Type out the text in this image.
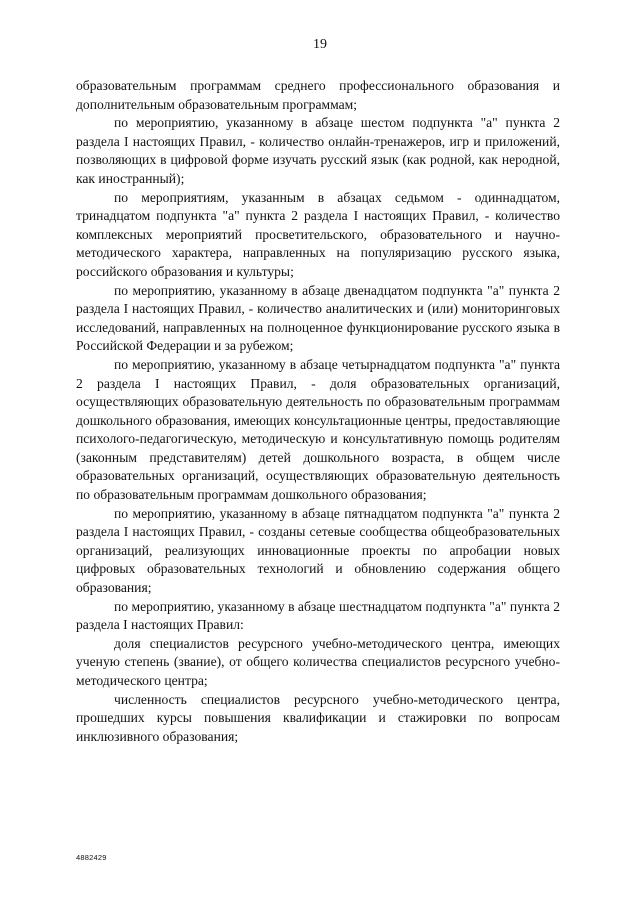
19

образовательным программам среднего профессионального образования и дополнительным образовательным программам;

по мероприятию, указанному в абзаце шестом подпункта "а" пункта 2 раздела I настоящих Правил, - количество онлайн-тренажеров, игр и приложений, позволяющих в цифровой форме изучать русский язык (как родной, как неродной, как иностранный);

по мероприятиям, указанным в абзацах седьмом - одиннадцатом, тринадцатом подпункта "а" пункта 2 раздела I настоящих Правил, - количество комплексных мероприятий просветительского, образовательного и научно-методического характера, направленных на популяризацию русского языка, российского образования и культуры;

по мероприятию, указанному в абзаце двенадцатом подпункта "а" пункта 2 раздела I настоящих Правил, - количество аналитических и (или) мониторинговых исследований, направленных на полноценное функционирование русского языка в Российской Федерации и за рубежом;

по мероприятию, указанному в абзаце четырнадцатом подпункта "а" пункта 2 раздела I настоящих Правил, - доля образовательных организаций, осуществляющих образовательную деятельность по образовательным программам дошкольного образования, имеющих консультационные центры, предоставляющие психолого-педагогическую, методическую и консультативную помощь родителям (законным представителям) детей дошкольного возраста, в общем числе образовательных организаций, осуществляющих образовательную деятельность по образовательным программам дошкольного образования;

по мероприятию, указанному в абзаце пятнадцатом подпункта "а" пункта 2 раздела I настоящих Правил, - созданы сетевые сообщества общеобразовательных организаций, реализующих инновационные проекты по апробации новых цифровых образовательных технологий и обновлению содержания общего образования;

по мероприятию, указанному в абзаце шестнадцатом подпункта "а" пункта 2 раздела I настоящих Правил:

доля специалистов ресурсного учебно-методического центра, имеющих ученую степень (звание), от общего количества специалистов ресурсного учебно-методического центра;

численность специалистов ресурсного учебно-методического центра, прошедших курсы повышения квалификации и стажировки по вопросам инклюзивного образования;

4882429
